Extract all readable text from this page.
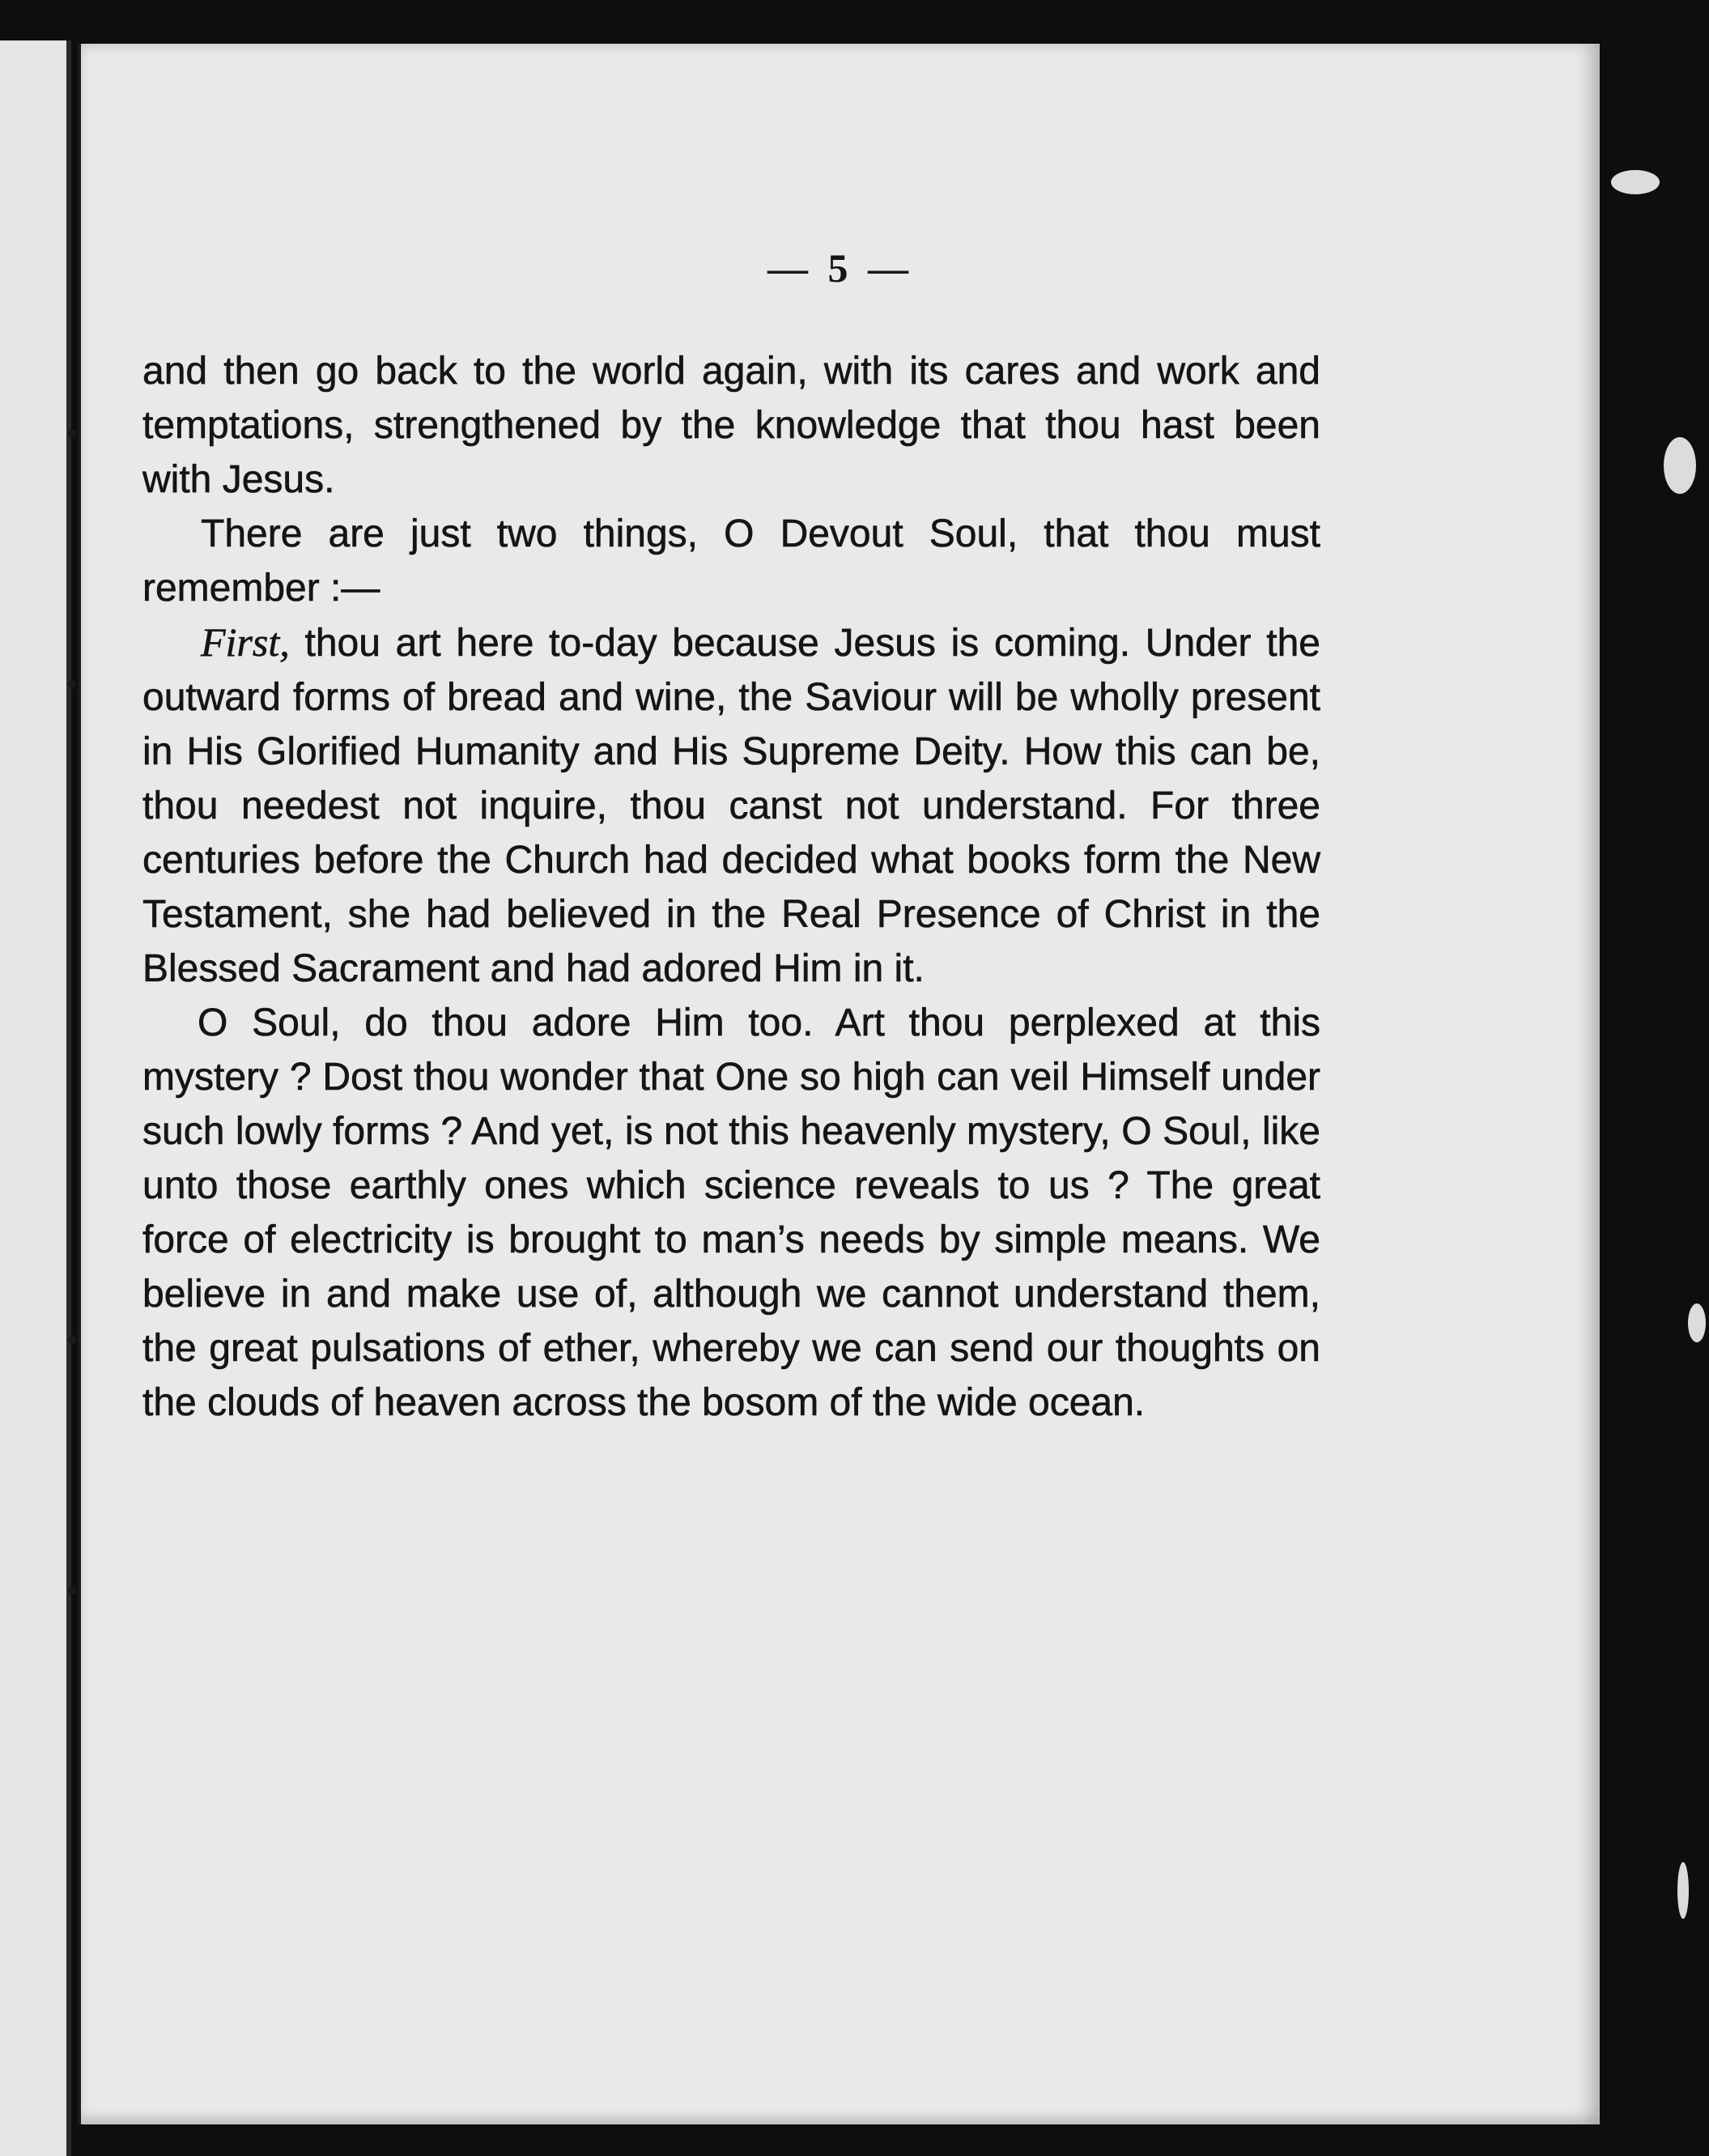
— 5 —

and then go back to the world again, with its cares and work and temptations, strengthened by the knowledge that thou hast been with Jesus.

There are just two things, O Devout Soul, that thou must remember :—

First, thou art here to-day because Jesus is coming. Under the outward forms of bread and wine, the Saviour will be wholly present in His Glorified Humanity and His Supreme Deity. How this can be, thou needest not inquire, thou canst not understand. For three centuries before the Church had decided what books form the New Testament, she had believed in the Real Presence of Christ in the Blessed Sacrament and had adored Him in it.

O Soul, do thou adore Him too. Art thou perplexed at this mystery ? Dost thou wonder that One so high can veil Himself under such lowly forms ? And yet, is not this heavenly mystery, O Soul, like unto those earthly ones which science reveals to us ? The great force of electricity is brought to man’s needs by simple means. We believe in and make use of, although we cannot understand them, the great pulsations of ether, whereby we can send our thoughts on the clouds of heaven across the bosom of the wide ocean.
